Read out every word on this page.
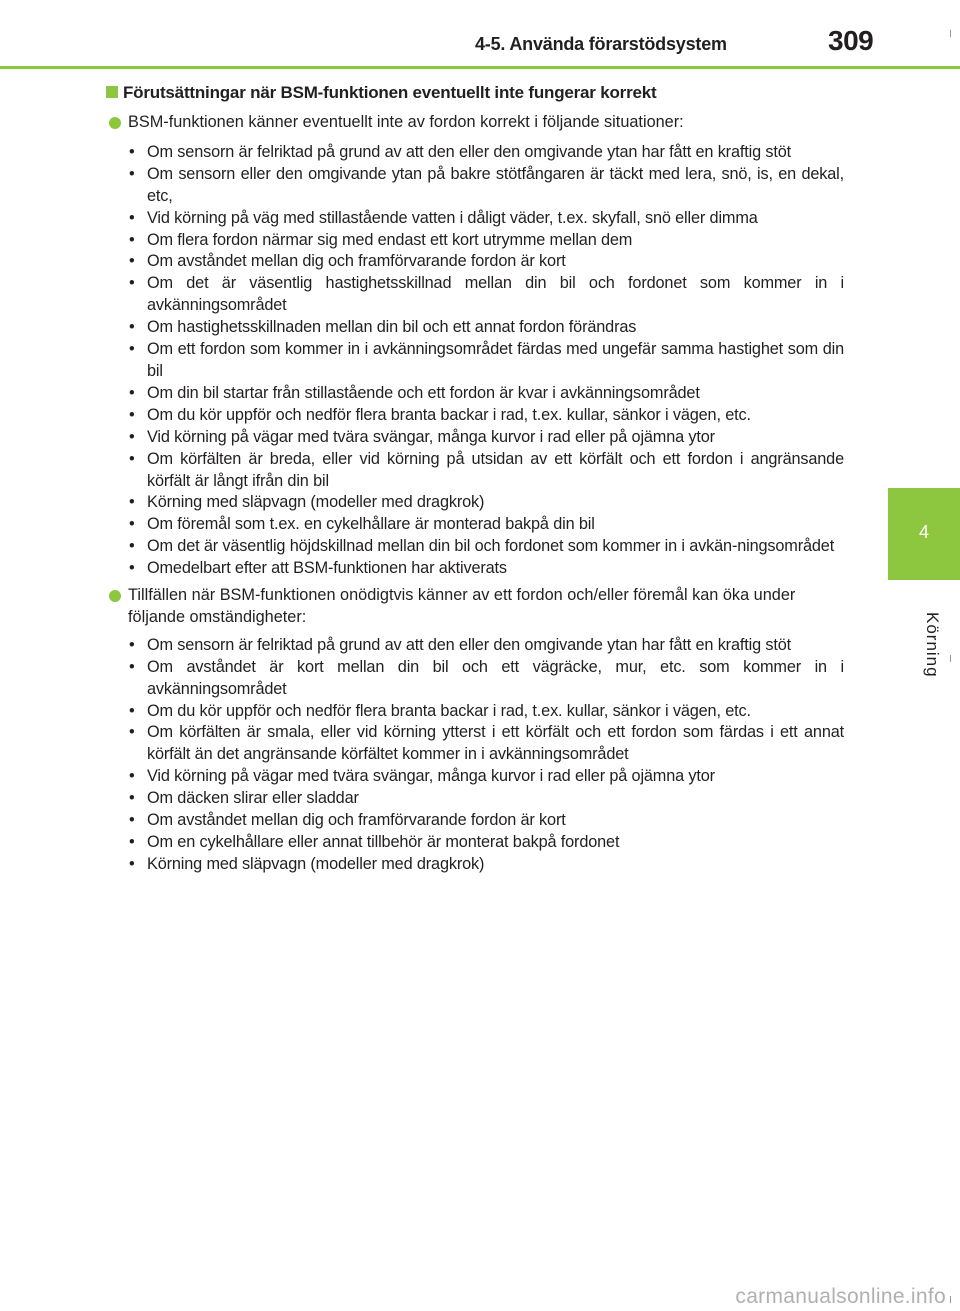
4-5. Använda förarstödsystem	309
4
Körning
Förutsättningar när BSM-funktionen eventuellt inte fungerar korrekt
BSM-funktionen känner eventuellt inte av fordon korrekt i följande situationer:
• Om sensorn är felriktad på grund av att den eller den omgivande ytan har fått en kraftig stöt
• Om sensorn eller den omgivande ytan på bakre stötfångaren är täckt med lera, snö, is, en dekal, etc,
• Vid körning på väg med stillastående vatten i dåligt väder, t.ex. skyfall, snö eller dimma
• Om flera fordon närmar sig med endast ett kort utrymme mellan dem
• Om avståndet mellan dig och framförvarande fordon är kort
• Om det är väsentlig hastighetsskillnad mellan din bil och fordonet som kommer in i avkänningsområdet
• Om hastighetsskillnaden mellan din bil och ett annat fordon förändras
• Om ett fordon som kommer in i avkänningsområdet färdas med ungefär samma hastighet som din bil
• Om din bil startar från stillastående och ett fordon är kvar i avkänningsområdet
• Om du kör uppför och nedför flera branta backar i rad, t.ex. kullar, sänkor i vägen, etc.
• Vid körning på vägar med tvära svängar, många kurvor i rad eller på ojämna ytor
• Om körfälten är breda, eller vid körning på utsidan av ett körfält och ett fordon i angränsande körfält är långt ifrån din bil
• Körning med släpvagn (modeller med dragkrok)
• Om föremål som t.ex. en cykelhållare är monterad bakpå din bil
• Om det är väsentlig höjdskillnad mellan din bil och fordonet som kommer in i avkän-ningsområdet
• Omedelbart efter att BSM-funktionen har aktiverats
Tillfällen när BSM-funktionen onödigtvis känner av ett fordon och/eller föremål kan öka under följande omständigheter:
• Om sensorn är felriktad på grund av att den eller den omgivande ytan har fått en kraftig stöt
• Om avståndet är kort mellan din bil och ett vägräcke, mur, etc. som kommer in i avkänningsområdet
• Om du kör uppför och nedför flera branta backar i rad, t.ex. kullar, sänkor i vägen, etc.
• Om körfälten är smala, eller vid körning ytterst i ett körfält och ett fordon som färdas i ett annat körfält än det angränsande körfältet kommer in i avkänningsområdet
• Vid körning på vägar med tvära svängar, många kurvor i rad eller på ojämna ytor
• Om däcken slirar eller sladdar
• Om avståndet mellan dig och framförvarande fordon är kort
• Om en cykelhållare eller annat tillbehör är monterat bakpå fordonet
• Körning med släpvagn (modeller med dragkrok)
carmanualsonline.info
